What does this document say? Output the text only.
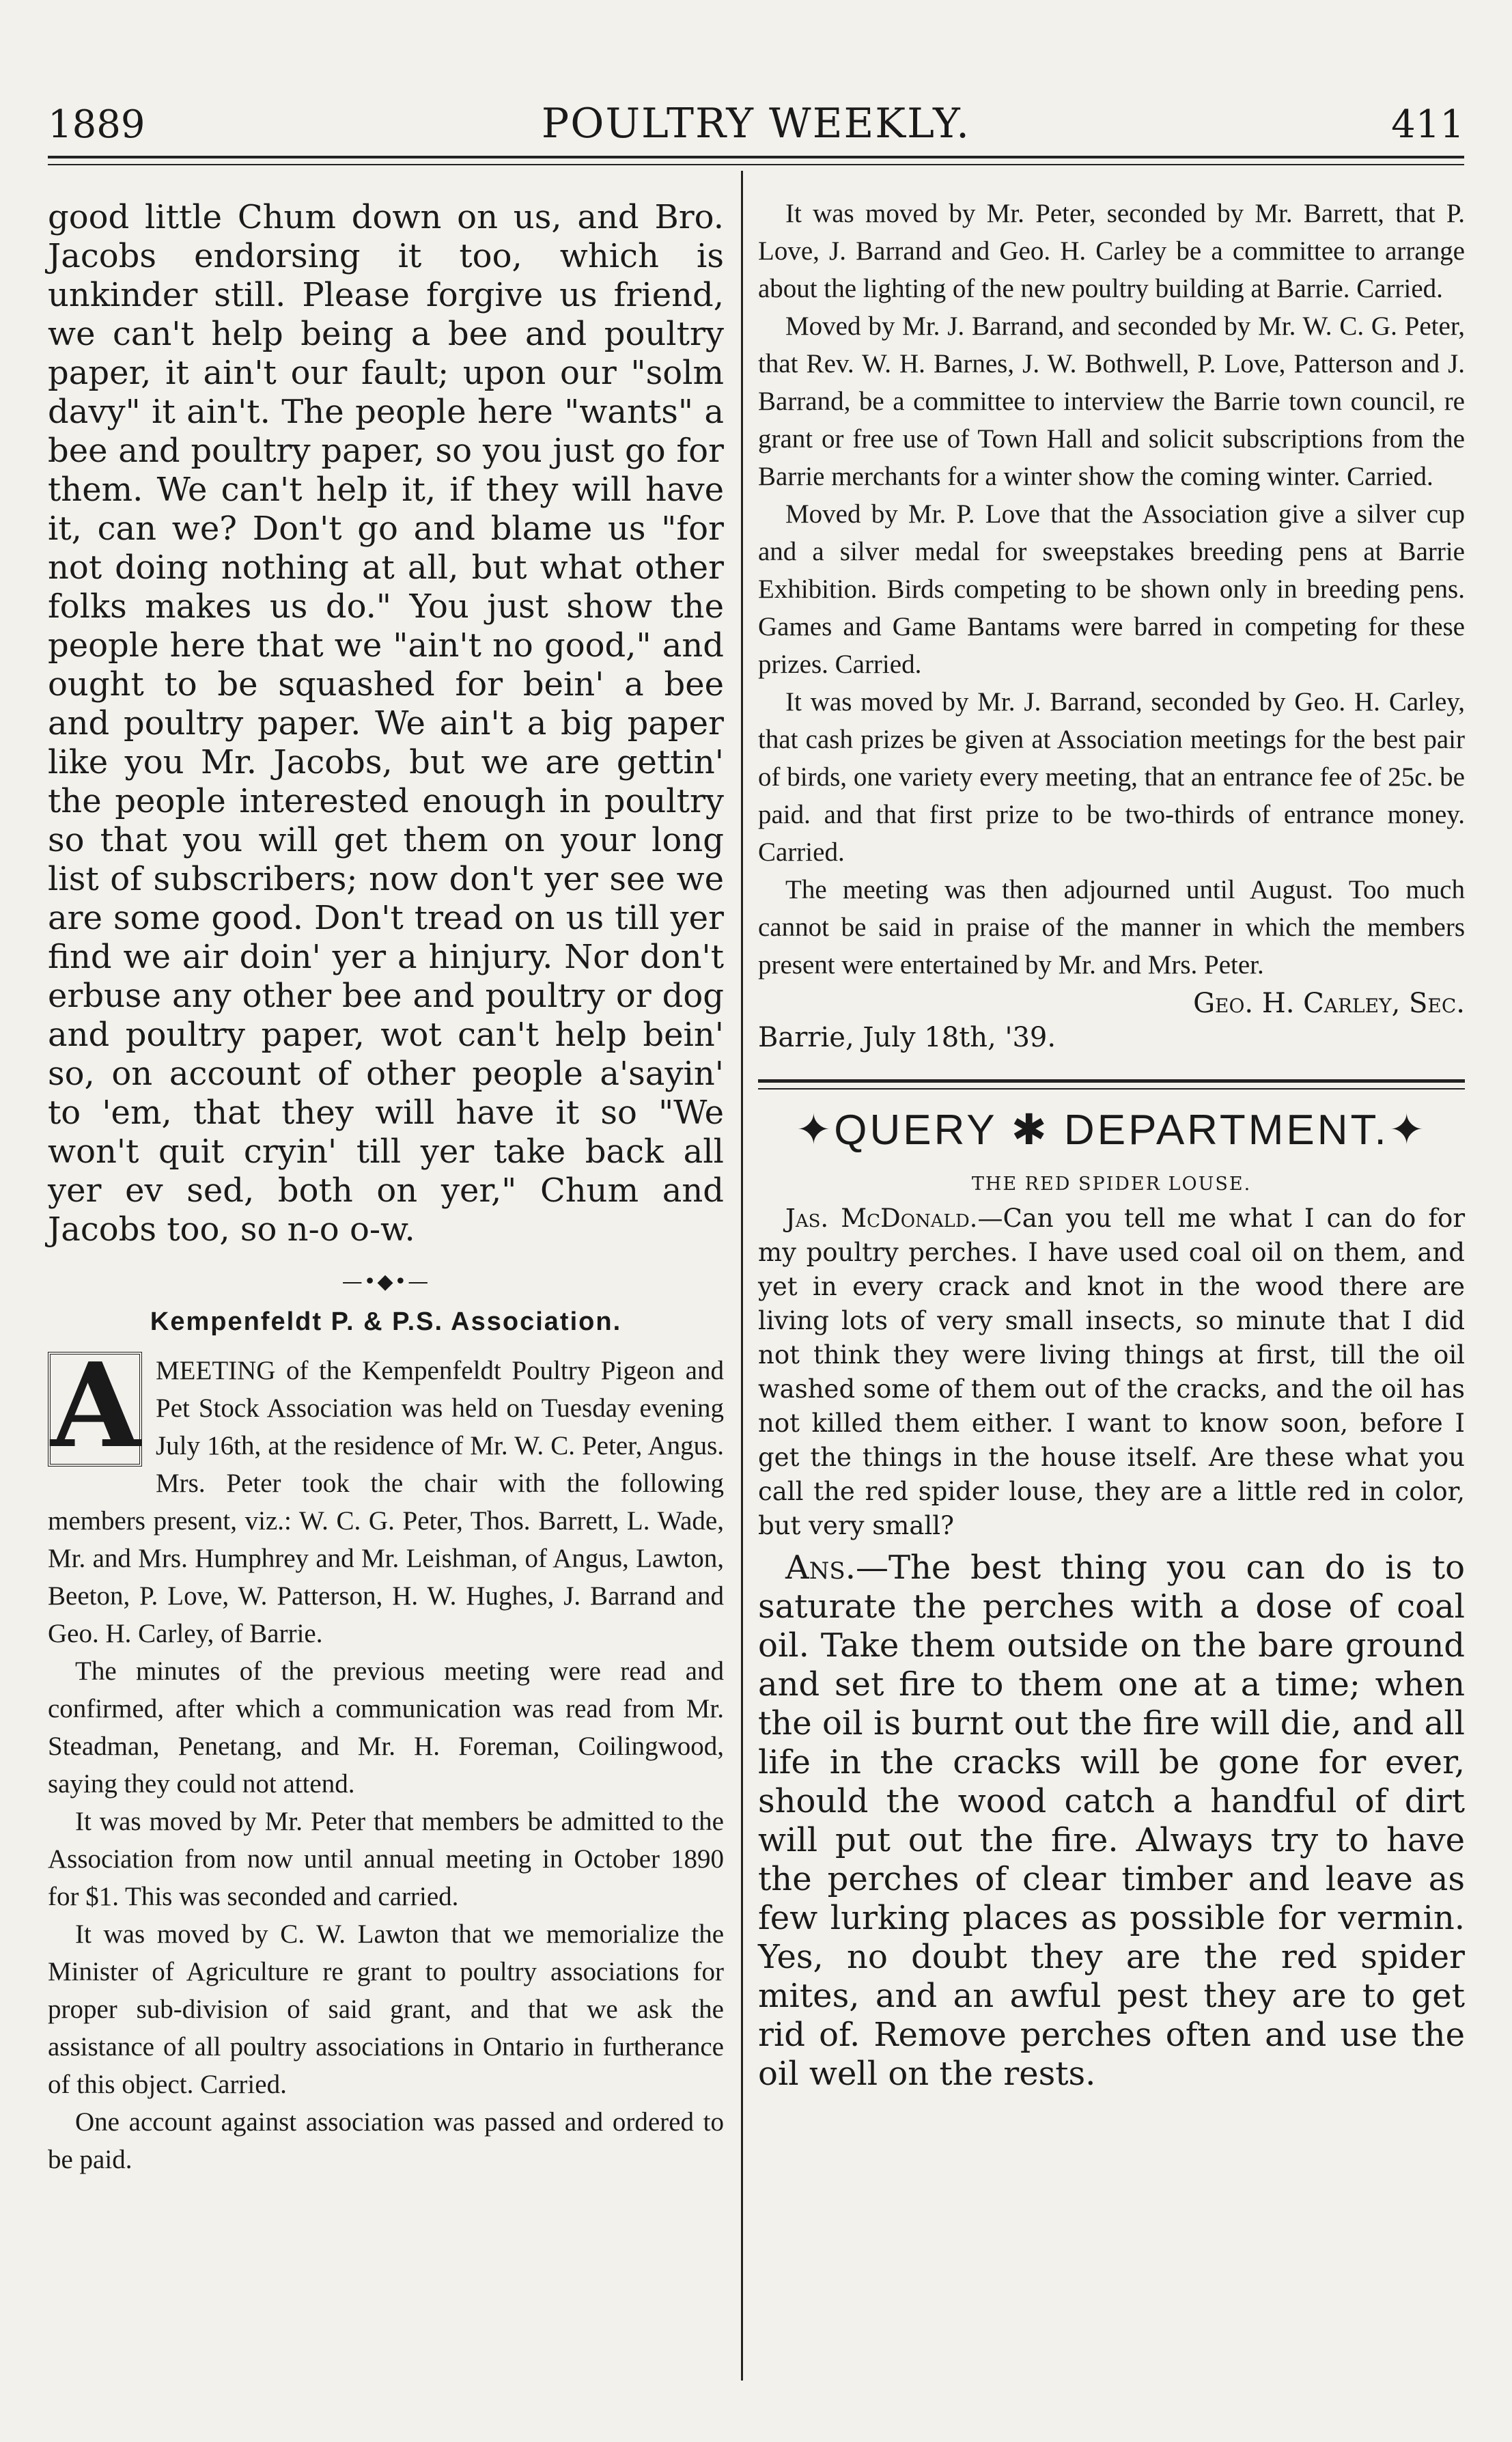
1889	POULTRY WEEKLY.	411

good little Chum down on us, and Bro. Jacobs endorsing it too, which is unkinder still. Please forgive us friend, we can't help being a bee and poultry paper, it ain't our fault; upon our "solm davy" it ain't. The people here "wants" a bee and poultry paper, so you just go for them. We can't help it, if they will have it, can we? Don't go and blame us "for not doing nothing at all, but what other folks makes us do." You just show the people here that we "ain't no good," and ought to be squashed for bein' a bee and poultry paper. We ain't a big paper like you Mr. Jacobs, but we are gettin' the people interested enough in poultry so that you will get them on your long list of subscribers; now don't yer see we are some good. Don't tread on us till yer find we air doin' yer a hinjury. Nor don't erbuse any other bee and poultry or dog and poultry paper, wot can't help bein' so, on account of other people a'sayin' to 'em, that they will have it so "We won't quit cryin' till yer take back all yer ev sed, both on yer," Chum and Jacobs too, so n-o o-w.

—•◆•—
Kempenfeldt P. & P.S. Association.
A MEETING of the Kempenfeldt Poultry Pigeon and Pet Stock Association was held on Tuesday evening July 16th, at the residence of Mr. W. C. Peter, Angus. Mrs. Peter took the chair with the following members present, viz.: W. C. G. Peter, Thos. Barrett, L. Wade, Mr. and Mrs. Humphrey and Mr. Leishman, of Angus, Lawton, Beeton, P. Love, W. Patterson, H. W. Hughes, J. Barrand and Geo. H. Carley, of Barrie.

The minutes of the previous meeting were read and confirmed, after which a communication was read from Mr. Steadman, Penetang, and Mr. H. Foreman, Coilingwood, saying they could not attend.

It was moved by Mr. Peter that members be admitted to the Association from now until annual meeting in October 1890 for $1. This was seconded and carried.

It was moved by C. W. Lawton that we memorialize the Minister of Agriculture re grant to poultry associations for proper sub-division of said grant, and that we ask the assistance of all poultry associations in Ontario in furtherance of this object. Carried.

One account against association was passed and ordered to be paid.

It was moved by Mr. Peter, seconded by Mr. Barrett, that P. Love, J. Barrand and Geo. H. Carley be a committee to arrange about the lighting of the new poultry building at Barrie. Carried.

Moved by Mr. J. Barrand, and seconded by Mr. W. C. G. Peter, that Rev. W. H. Barnes, J. W. Bothwell, P. Love, Patterson and J. Barrand, be a committee to interview the Barrie town council, re grant or free use of Town Hall and solicit subscriptions from the Barrie merchants for a winter show the coming winter. Carried.

Moved by Mr. P. Love that the Association give a silver cup and a silver medal for sweepstakes breeding pens at Barrie Exhibition. Birds competing to be shown only in breeding pens. Games and Game Bantams were barred in competing for these prizes. Carried.

It was moved by Mr. J. Barrand, seconded by Geo. H. Carley, that cash prizes be given at Association meetings for the best pair of birds, one variety every meeting, that an entrance fee of 25c. be paid. and that first prize to be two-thirds of entrance money. Carried.

The meeting was then adjourned until August. Too much cannot be said in praise of the manner in which the members present were entertained by Mr. and Mrs. Peter.

Geo. H. Carley, Sec.
Barrie, July 18th, '39.
✦QUERY ✱ DEPARTMENT.✦
THE RED SPIDER LOUSE.

Jas. McDonald.—Can you tell me what I can do for my poultry perches. I have used coal oil on them, and yet in every crack and knot in the wood there are living lots of very small insects, so minute that I did not think they were living things at first, till the oil washed some of them out of the cracks, and the oil has not killed them either. I want to know soon, before I get the things in the house itself. Are these what you call the red spider louse, they are a little red in color, but very small?

Ans.—The best thing you can do is to saturate the perches with a dose of coal oil. Take them outside on the bare ground and set fire to them one at a time; when the oil is burnt out the fire will die, and all life in the cracks will be gone for ever, should the wood catch a handful of dirt will put out the fire. Always try to have the perches of clear timber and leave as few lurking places as possible for vermin. Yes, no doubt they are the red spider mites, and an awful pest they are to get rid of. Remove perches often and use the oil well on the rests.
